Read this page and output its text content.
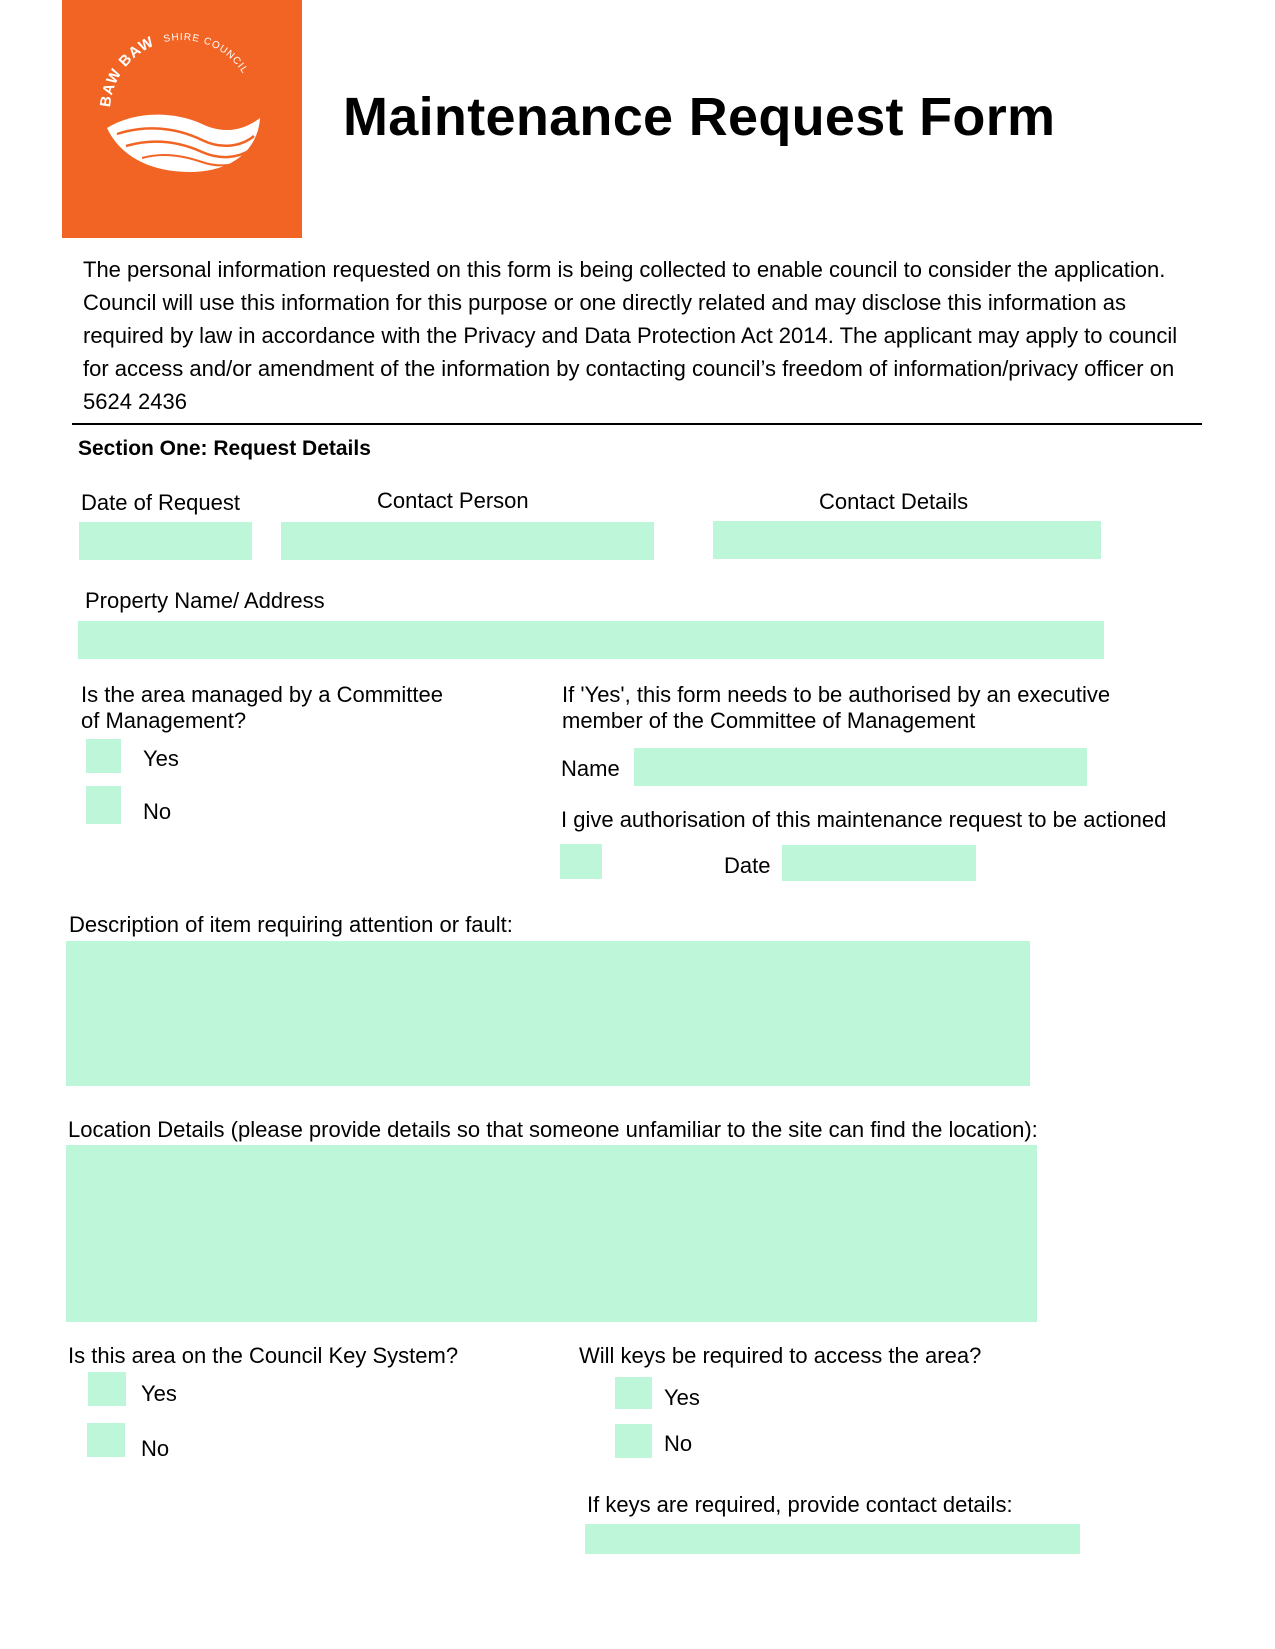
BAW BAW SHIRE COUNCIL
Maintenance Request Form
The personal information requested on this form is being collected to enable council to consider the application. Council will use this information for this purpose or one directly related and may disclose this information as required by law in accordance with the Privacy and Data Protection Act 2014. The applicant may apply to council for access and/or amendment of the information by contacting council’s freedom of information/privacy officer on 5624 2436
Section One: Request Details
Date of Request	Contact Person	Contact Details
Property Name/ Address
Is the area managed by a Committee of Management?
Yes
No
If 'Yes', this form needs to be authorised by an executive member of the Committee of Management
Name
I give authorisation of this maintenance request to be actioned
Date
Description of item requiring attention or fault:
Location Details (please provide details so that someone unfamiliar to the site can find the location):
Is this area on the Council Key System?
Yes
No
Will keys be required to access the area?
Yes
No
If keys are required, provide contact details:
